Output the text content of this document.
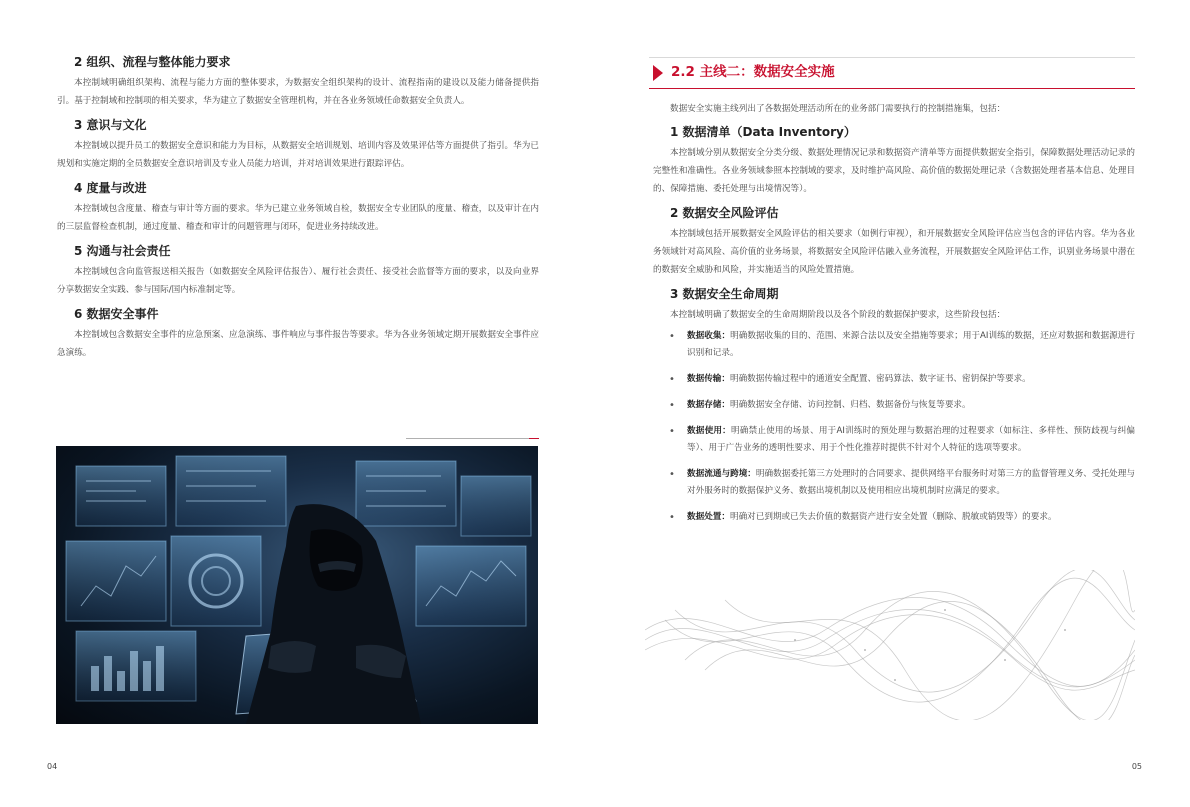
2 组织、流程与整体能力要求
本控制域明确组织架构、流程与能力方面的整体要求，为数据安全组织架构的设计、流程指南的建设以及能力储备提供指引。基于控制域和控制项的相关要求，华为建立了数据安全管理机构，并在各业务领域任命数据安全负责人。
3 意识与文化
本控制域以提升员工的数据安全意识和能力为目标，从数据安全培训规划、培训内容及效果评估等方面提供了指引。华为已规划和实施定期的全员数据安全意识培训及专业人员能力培训，并对培训效果进行跟踪评估。
4 度量与改进
本控制域包含度量、稽查与审计等方面的要求。华为已建立业务领域自检，数据安全专业团队的度量、稽查，以及审计在内的三层监督检查机制，通过度量、稽查和审计的问题管理与闭环，促进业务持续改进。
5 沟通与社会责任
本控制域包含向监管报送相关报告（如数据安全风险评估报告）、履行社会责任、接受社会监督等方面的要求，以及向业界分享数据安全实践、参与国际/国内标准制定等。
6 数据安全事件
本控制域包含数据安全事件的应急预案、应急演练、事件响应与事件报告等要求。华为各业务领域定期开展数据安全事件应急演练。
04
2.2 主线二：数据安全实施
数据安全实施主线列出了各数据处理活动所在的业务部门需要执行的控制措施集，包括：
1 数据清单（Data Inventory）
本控制域分别从数据安全分类分级、数据处理情况记录和数据资产清单等方面提供数据安全指引，保障数据处理活动记录的完整性和准确性。各业务领域参照本控制域的要求，及时维护高风险、高价值的数据处理记录（含数据处理者基本信息、处理目的、保障措施、委托处理与出境情况等）。
2 数据安全风险评估
本控制域包括开展数据安全风险评估的相关要求（如例行审视），和开展数据安全风险评估应当包含的评估内容。华为各业务领域针对高风险、高价值的业务场景，将数据安全风险评估融入业务流程，开展数据安全风险评估工作，识别业务场景中潜在的数据安全威胁和风险，并实施适当的风险处置措施。
3 数据安全生命周期
本控制域明确了数据安全的生命周期阶段以及各个阶段的数据保护要求，这些阶段包括：
• 数据收集：明确数据收集的目的、范围、来源合法以及安全措施等要求；用于AI训练的数据，还应对数据和数据源进行识别和记录。
• 数据传输：明确数据传输过程中的通道安全配置、密码算法、数字证书、密钥保护等要求。
• 数据存储：明确数据安全存储、访问控制、归档、数据备份与恢复等要求。
• 数据使用：明确禁止使用的场景、用于AI训练时的预处理与数据治理的过程要求（如标注、多样性、预防歧视与纠偏等）、用于广告业务的透明性要求、用于个性化推荐时提供不针对个人特征的选项等要求。
• 数据流通与跨境：明确数据委托第三方处理时的合同要求、提供网络平台服务时对第三方的监督管理义务、受托处理与对外服务时的数据保护义务、数据出境机制以及使用相应出境机制时应满足的要求。
• 数据处置：明确对已到期或已失去价值的数据资产进行安全处置（删除、脱敏或销毁等）的要求。
05
